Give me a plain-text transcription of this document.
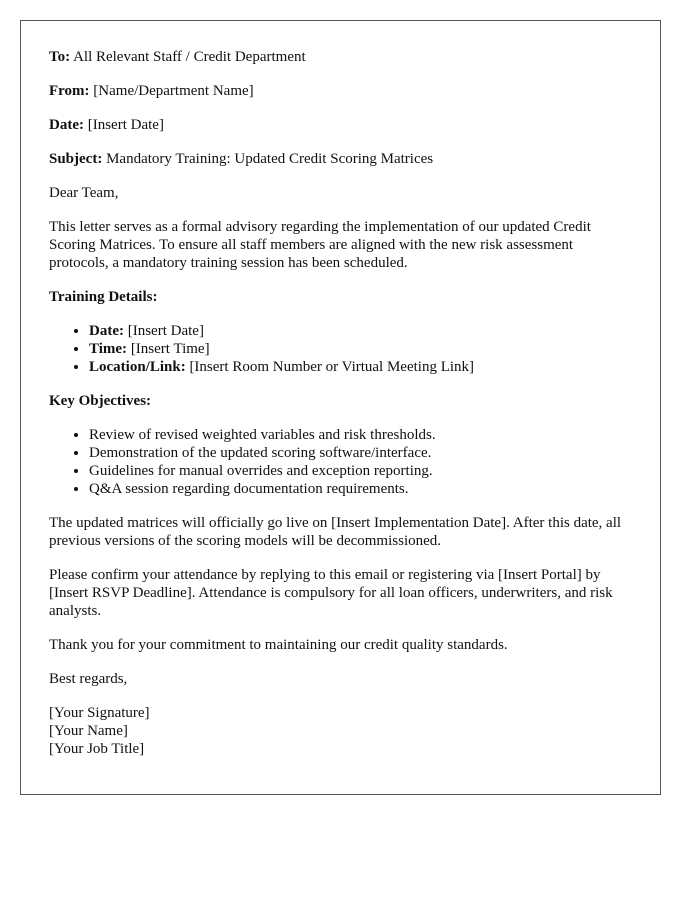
To: All Relevant Staff / Credit Department

From: [Name/Department Name]

Date: [Insert Date]

Subject: Mandatory Training: Updated Credit Scoring Matrices

Dear Team,

This letter serves as a formal advisory regarding the implementation of our updated Credit Scoring Matrices. To ensure all staff members are aligned with the new risk assessment protocols, a mandatory training session has been scheduled.

Training Details:

• Date: [Insert Date]
• Time: [Insert Time]
• Location/Link: [Insert Room Number or Virtual Meeting Link]

Key Objectives:

• Review of revised weighted variables and risk thresholds.
• Demonstration of the updated scoring software/interface.
• Guidelines for manual overrides and exception reporting.
• Q&A session regarding documentation requirements.

The updated matrices will officially go live on [Insert Implementation Date]. After this date, all previous versions of the scoring models will be decommissioned.

Please confirm your attendance by replying to this email or registering via [Insert Portal] by [Insert RSVP Deadline]. Attendance is compulsory for all loan officers, underwriters, and risk analysts.

Thank you for your commitment to maintaining our credit quality standards.

Best regards,

[Your Signature]
[Your Name]
[Your Job Title]
